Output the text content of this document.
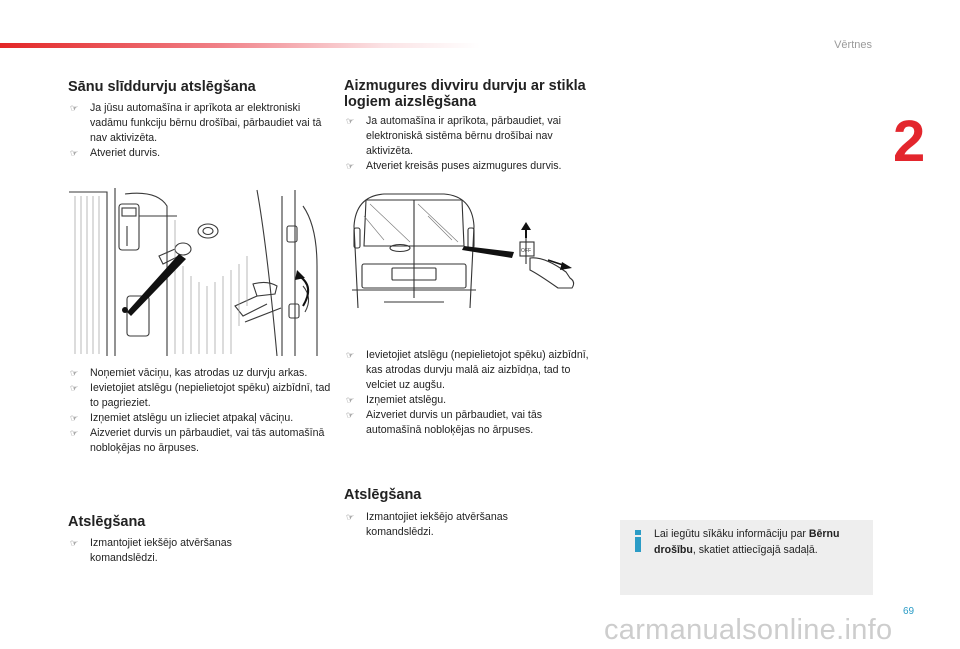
Vērtnes
2
Sānu slīddurvju atslēgšana
☞ Ja jūsu automašīna ir aprīkota ar elektroniski vadāmu funkciju bērnu drošībai, pārbaudiet vai tā nav aktivizēta.
☞ Atveriet durvis.
☞ Noņemiet vāciņu, kas atrodas uz durvju arkas.
☞ Ievietojiet atslēgu (nepielietojot spēku) aizbīdnī, tad to pagrieziet.
☞ Izņemiet atslēgu un izlieciet atpakaļ vāciņu.
☞ Aizveriet durvis un pārbaudiet, vai tās automašīnā nobloķējas no ārpuses.
Atslēgšana
☞ Izmantojiet iekšējo atvēršanas komandslēdzi.
Aizmugures divviru durvju ar stikla logiem aizslēgšana
☞ Ja automašīna ir aprīkota, pārbaudiet, vai elektroniskā sistēma bērnu drošībai nav aktivizēta.
☞ Atveriet kreisās puses aizmugures durvis.
OFF
☞ Ievietojiet atslēgu (nepielietojot spēku) aizbīdnī, kas atrodas durvju malā aiz aizbīdņa, tad to velciet uz augšu.
☞ Izņemiet atslēgu.
☞ Aizveriet durvis un pārbaudiet, vai tās automašīnā nobloķējas no ārpuses.
Atslēgšana
☞ Izmantojiet iekšējo atvēršanas komandslēdzi.	Lai iegūtu sīkāku informāciju par Bērnu drošību, skatiet attiecīgajā sadaļā.
69
carmanualsonline.info
